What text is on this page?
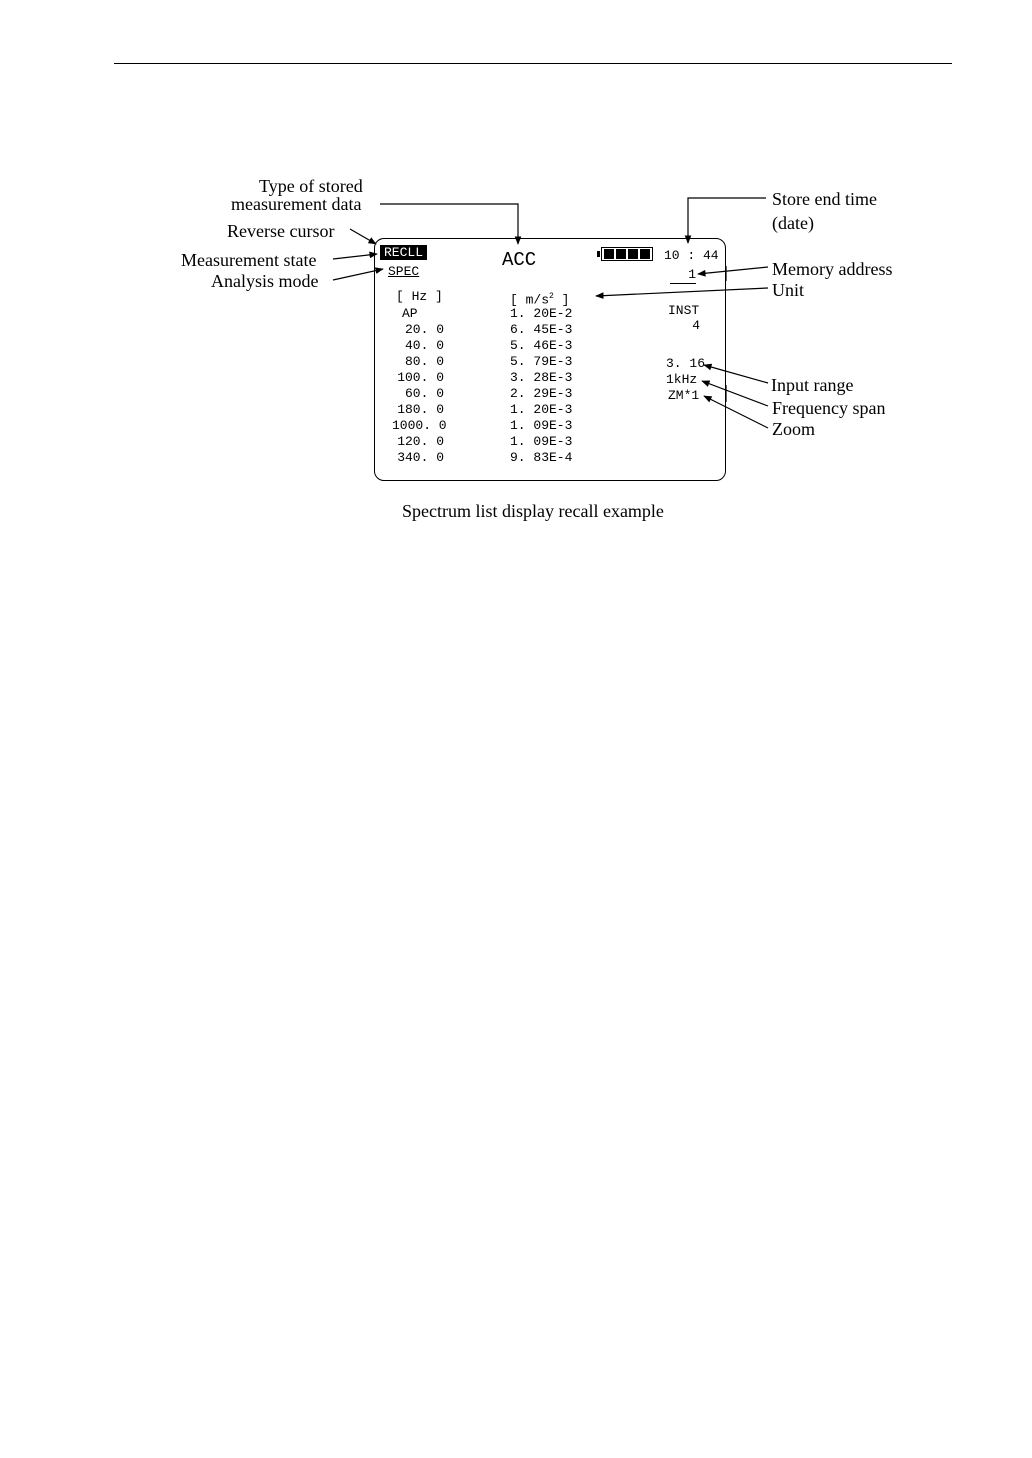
Type of stored
measurement data
Reverse cursor
Measurement state
Analysis mode
Store end time
(date)
Memory address
Unit
Input range
Frequency span
Zoom
RECLL
SPEC
ACC	10 : 44
1
[ Hz ]	[ $m/s^2$ ]
INST
4
AP	1. 20E-2
20. 0	6. 45E-3
40. 0	5. 46E-3
80. 0	5. 79E-3
100. 0	3. 28E-3
60. 0	2. 29E-3
180. 0	1. 20E-3
1000. 0	1. 09E-3
120. 0	1. 09E-3
340. 0	9. 83E-4
3. 16
1kHz
ZM*1
Spectrum list display recall example
